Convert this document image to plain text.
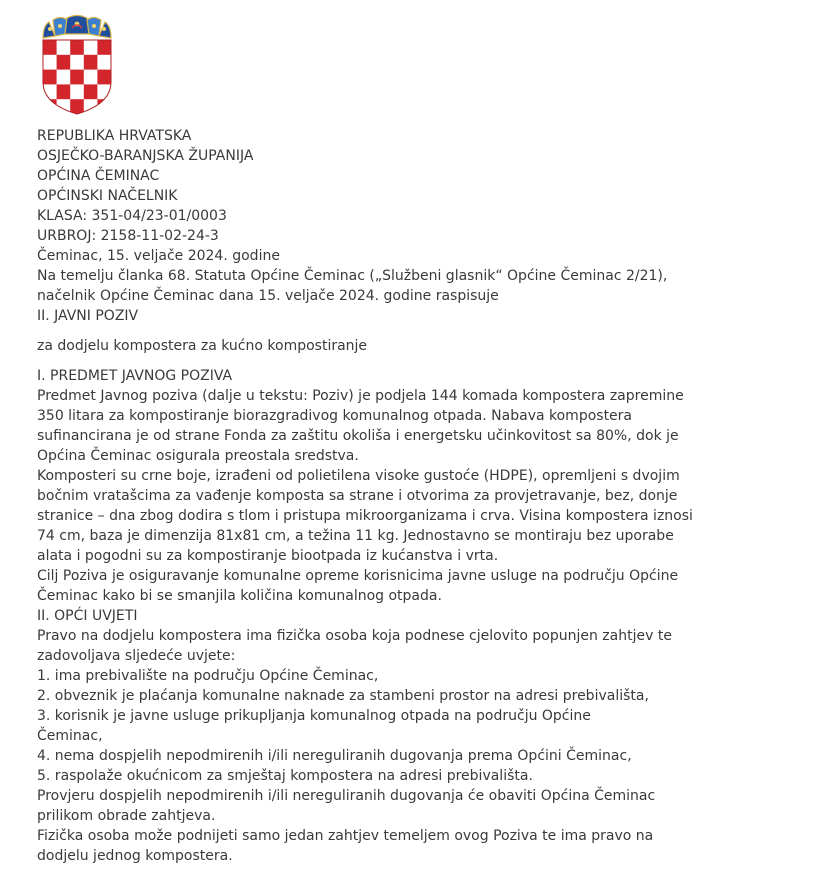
REPUBLIKA HRVATSKA
OSJEČKO-BARANJSKA ŽUPANIJA
OPĆINA ČEMINAC
OPĆINSKI NAČELNIK
KLASA: 351-04/23-01/0003
URBROJ: 2158-11-02-24-3
Čeminac, 15. veljače 2024. godine
Na temelju članka 68. Statuta Općine Čeminac („Službeni glasnik“ Općine Čeminac 2/21),
načelnik Općine Čeminac dana 15. veljače 2024. godine raspisuje
II. JAVNI POZIV
za dodjelu kompostera za kućno kompostiranje
I. PREDMET JAVNOG POZIVA
Predmet Javnog poziva (dalje u tekstu: Poziv) je podjela 144 komada kompostera zapremine
350 litara za kompostiranje biorazgradivog komunalnog otpada. Nabava kompostera
sufinancirana je od strane Fonda za zaštitu okoliša i energetsku učinkovitost sa 80%, dok je
Općina Čeminac osigurala preostala sredstva.
Komposteri su crne boje, izrađeni od polietilena visoke gustoće (HDPE), opremljeni s dvojim
bočnim vratašcima za vađenje komposta sa strane i otvorima za provjetravanje, bez, donje
stranice – dna zbog dodira s tlom i pristupa mikroorganizama i crva. Visina kompostera iznosi
74 cm, baza je dimenzija 81x81 cm, a težina 11 kg. Jednostavno se montiraju bez uporabe
alata i pogodni su za kompostiranje biootpada iz kućanstva i vrta.
Cilj Poziva je osiguravanje komunalne opreme korisnicima javne usluge na području Općine
Čeminac kako bi se smanjila količina komunalnog otpada.
II. OPĆI UVJETI
Pravo na dodjelu kompostera ima fizička osoba koja podnese cjelovito popunjen zahtjev te
zadovoljava sljedeće uvjete:
1. ima prebivalište na području Općine Čeminac,
2. obveznik je plaćanja komunalne naknade za stambeni prostor na adresi prebivališta,
3. korisnik je javne usluge prikupljanja komunalnog otpada na području Općine
Čeminac,
4. nema dospjelih nepodmirenih i/ili nereguliranih dugovanja prema Općini Čeminac,
5. raspolaže okućnicom za smještaj kompostera na adresi prebivališta.
Provjeru dospjelih nepodmirenih i/ili nereguliranih dugovanja će obaviti Općina Čeminac
prilikom obrade zahtjeva.
Fizička osoba može podnijeti samo jedan zahtjev temeljem ovog Poziva te ima pravo na
dodjelu jednog kompostera.
